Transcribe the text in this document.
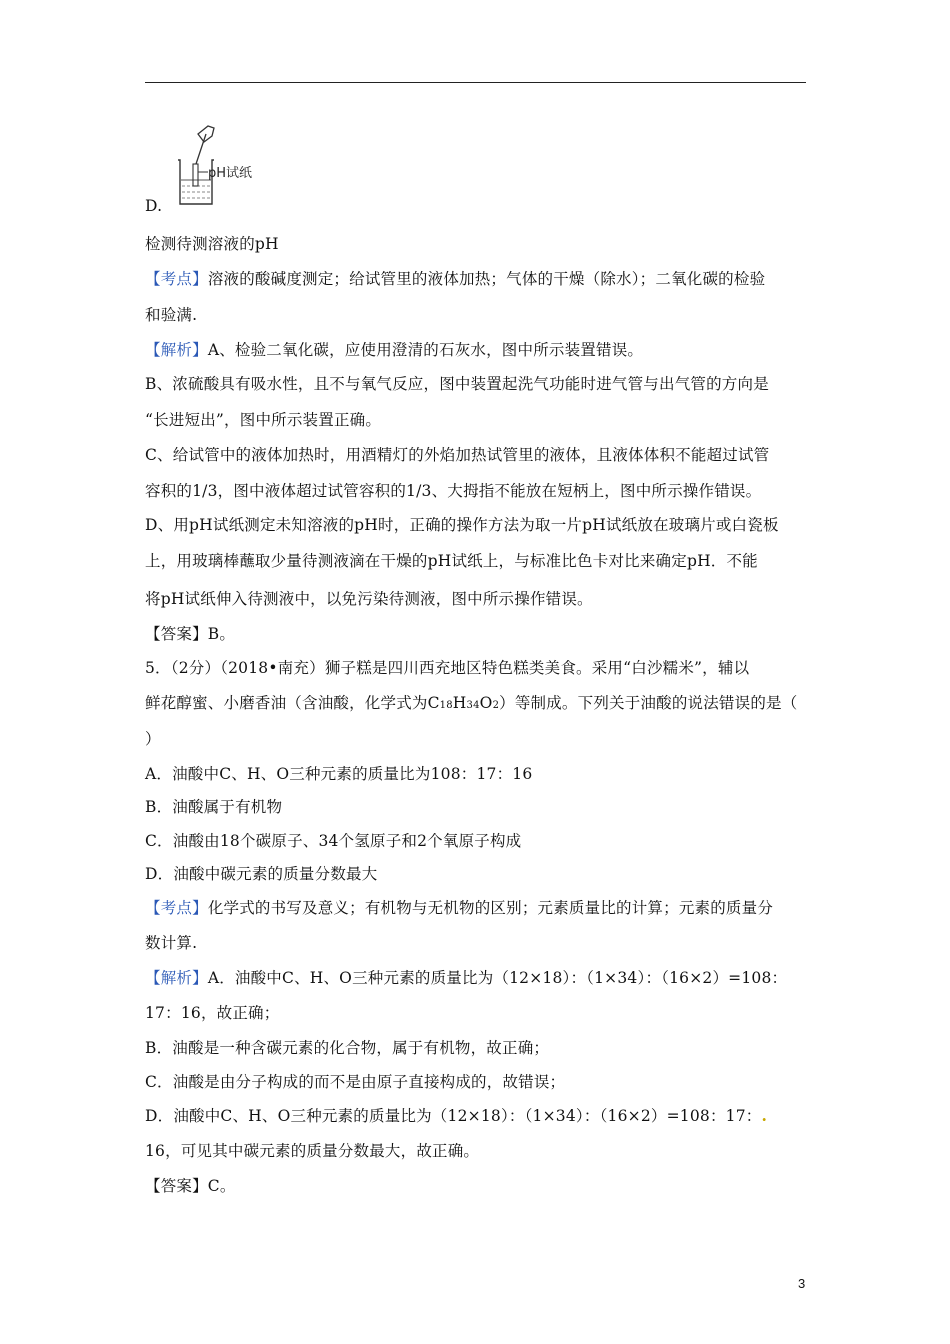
pH试纸
D.
检测待测溶液的pH
【考点】溶液的酸碱度测定；给试管里的液体加热；气体的干燥（除水）；二氧化碳的检验
和验满.
【解析】A、检验二氧化碳，应使用澄清的石灰水，图中所示装置错误。
B、浓硫酸具有吸水性，且不与氧气反应，图中装置起洗气功能时进气管与出气管的方向是
“长进短出”，图中所示装置正确。
C、给试管中的液体加热时，用酒精灯的外焰加热试管里的液体，且液体体积不能超过试管
容积的1/3，图中液体超过试管容积的1/3、大拇指不能放在短柄上，图中所示操作错误。
D、用pH试纸测定未知溶液的pH时，正确的操作方法为取一片pH试纸放在玻璃片或白瓷板
上，用玻璃棒蘸取少量待测液滴在干燥的pH试纸上，与标准比色卡对比来确定pH．不能
将pH试纸伸入待测液中，以免污染待测液，图中所示操作错误。
【答案】B。
5．（2分）（2018•南充）狮子糕是四川西充地区特色糕类美食。采用“白沙糯米”，辅以
鲜花醇蜜、小磨香油（含油酸，化学式为C18H34O2）等制成。下列关于油酸的说法错误的是（
）
A．油酸中C、H、O三种元素的质量比为108：17：16
B．油酸属于有机物
C．油酸由18个碳原子、34个氢原子和2个氧原子构成
D．油酸中碳元素的质量分数最大
【考点】化学式的书写及意义；有机物与无机物的区别；元素质量比的计算；元素的质量分
数计算.
【解析】A．油酸中C、H、O三种元素的质量比为（12×18）：（1×34）：（16×2）=108：
17：16，故正确；
B．油酸是一种含碳元素的化合物，属于有机物，故正确；
C．油酸是由分子构成的而不是由原子直接构成的，故错误；
D．油酸中C、H、O三种元素的质量比为（12×18）：（1×34）：（16×2）=108：17：.
16，可见其中碳元素的质量分数最大，故正确。
【答案】C。
3
